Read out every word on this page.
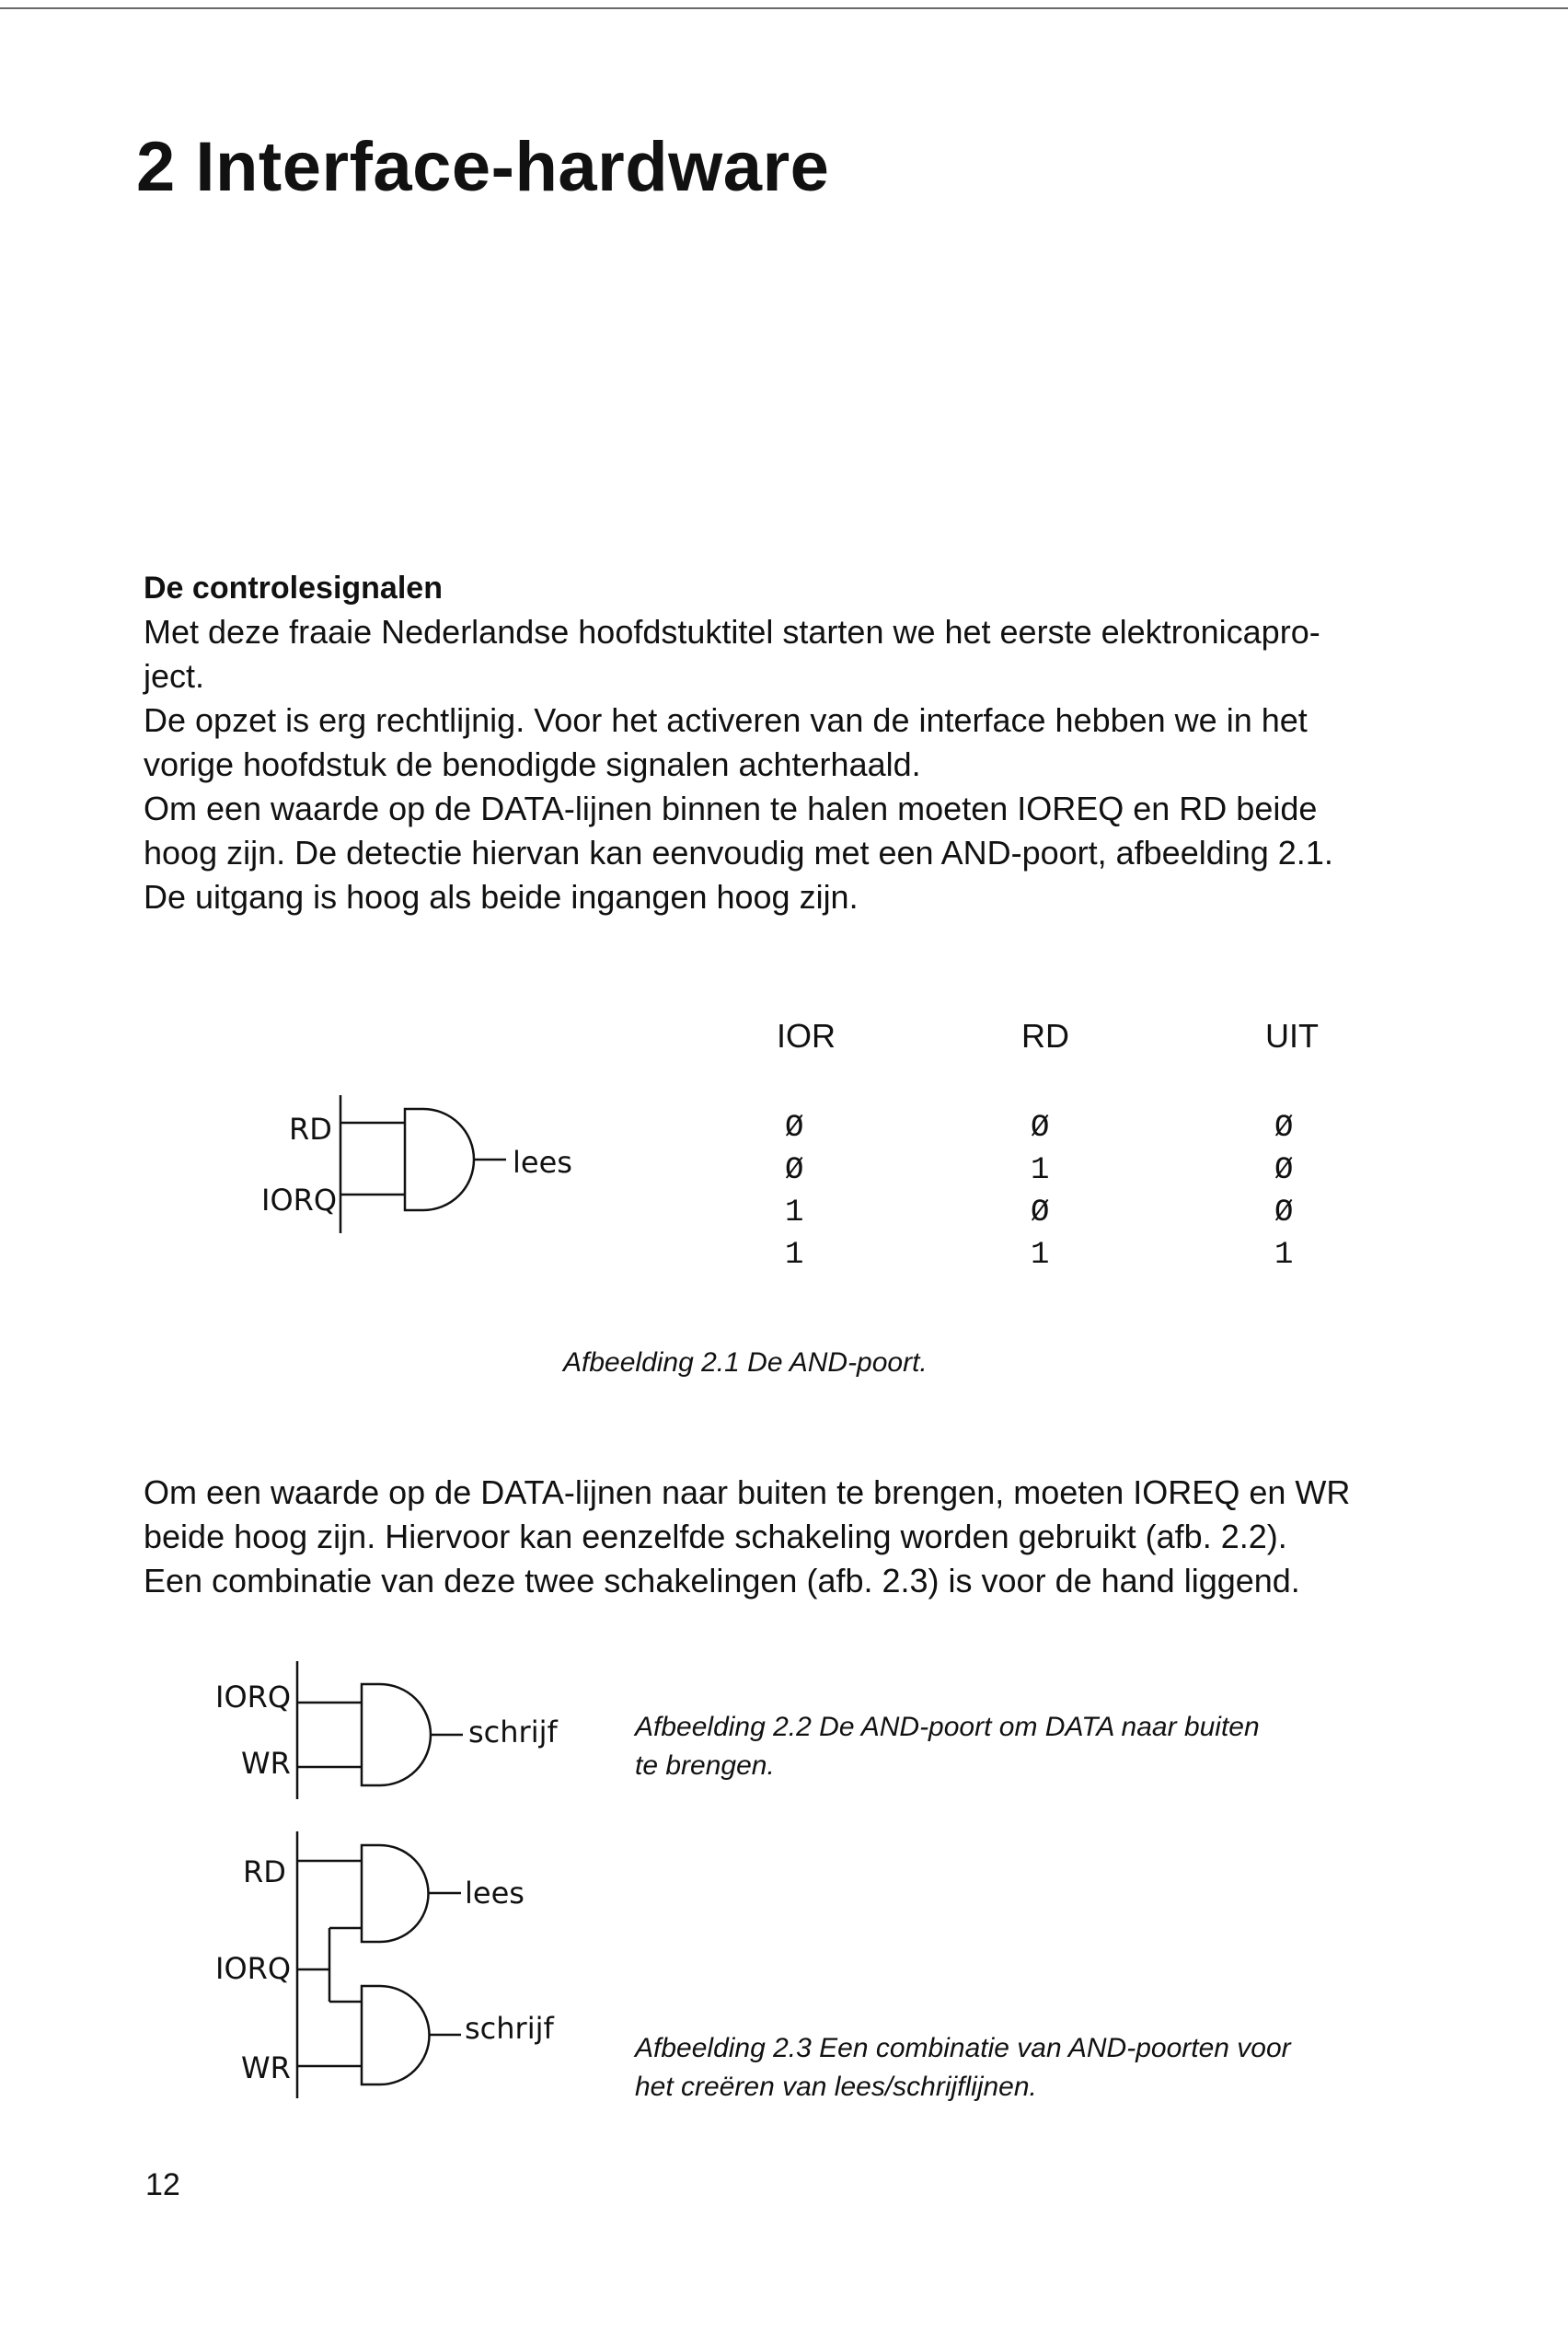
2 Interface-hardware

De controlesignalen

Met deze fraaie Nederlandse hoofdstuktitel starten we het eerste elektronicapro-

ject.

De opzet is erg rechtlijnig. Voor het activeren van de interface hebben we in het

vorige hoofdstuk de benodigde signalen achterhaald.

Om een waarde op de DATA-lijnen binnen te halen moeten IOREQ en RD beide

hoog zijn. De detectie hiervan kan eenvoudig met een AND-poort, afbeelding 2.1.

De uitgang is hoog als beide ingangen hoog zijn.

RD
IORQ
lees
IOR	RD	UIT
Ø	Ø	Ø
Ø	1	Ø
1	Ø	Ø
1	1	1

Afbeelding 2.1 De AND-poort.

Om een waarde op de DATA-lijnen naar buiten te brengen, moeten IOREQ en WR

beide hoog zijn. Hiervoor kan eenzelfde schakeling worden gebruikt (afb. 2.2).

Een combinatie van deze twee schakelingen (afb. 2.3) is voor de hand liggend.

IORQ
WR
schrijf	Afbeelding 2.2 De AND-poort om DATA naar buiten
te brengen.

RD
IORQ
WR
lees
schrijf

Afbeelding 2.3 Een combinatie van AND-poorten voor
het creëren van lees/schrijflijnen.

12
